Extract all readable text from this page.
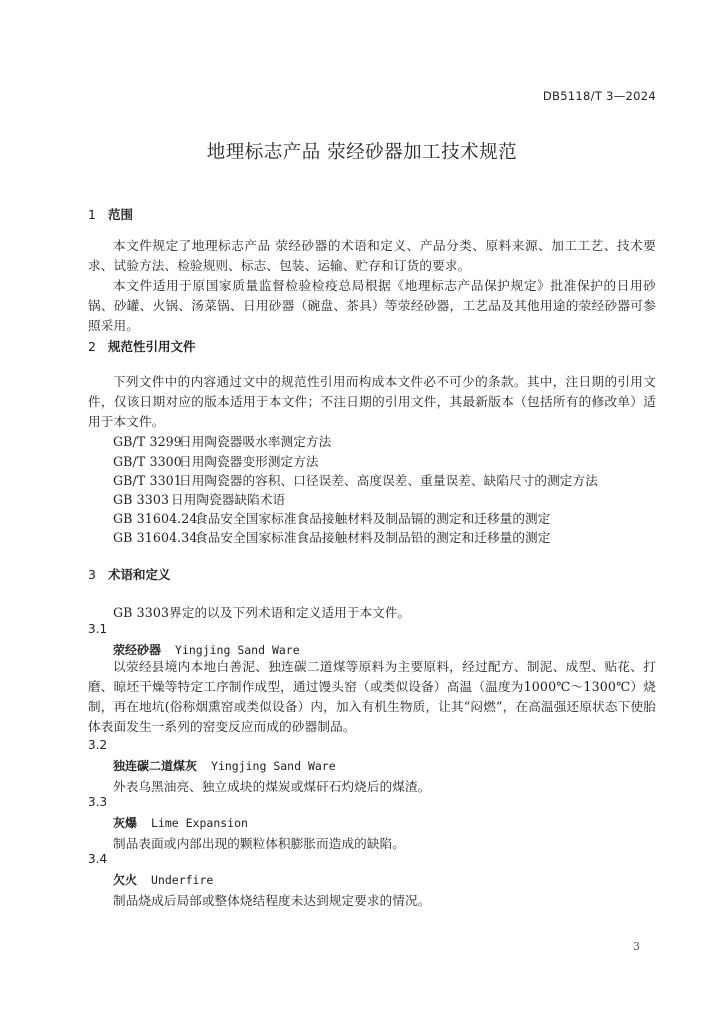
DB5118/T 3—2024
地理标志产品 荥经砂器加工技术规范
1 范围
本文件规定了地理标志产品 荥经砂器的术语和定义、产品分类、原料来源、加工工艺、技术要求、试验方法、检验规则、标志、包装、运输、贮存和订货的要求。
本文件适用于原国家质量监督检验检疫总局根据《地理标志产品保护规定》批准保护的日用砂锅、砂罐、火锅、汤菜锅、日用砂器（碗盘、茶具）等荥经砂器，工艺品及其他用途的荥经砂器可参照采用。
2 规范性引用文件
下列文件中的内容通过文中的规范性引用而构成本文件必不可少的条款。其中，注日期的引用文件，仅该日期对应的版本适用于本文件；不注日期的引用文件，其最新版本（包括所有的修改单）适用于本文件。
GB/T 3299日用陶瓷器吸水率测定方法
GB/T 3300日用陶瓷器变形测定方法
GB/T 3301日用陶瓷器的容积、口径误差、高度误差、重量误差、缺陷尺寸的测定方法
GB 3303 日用陶瓷器缺陷术语
GB 31604.24食品安全国家标准食品接触材料及制品镉的测定和迁移量的测定
GB 31604.34食品安全国家标准食品接触材料及制品铅的测定和迁移量的测定
3 术语和定义
GB 3303界定的以及下列术语和定义适用于本文件。
3.1
荥经砂器 Yingjing Sand Ware
以荥经县境内本地白善泥、独连碳二道煤等原料为主要原料，经过配方、制泥、成型、贴花、打磨、晾坯干燥等特定工序制作成型，通过馒头窑（或类似设备）高温（温度为1000℃～1300℃）烧制，再在地坑(俗称烟熏窑或类似设备）内，加入有机生物质，让其“闷燃”，在高温强还原状态下使胎体表面发生一系列的窑变反应而成的砂器制品。
3.2
独连碳二道煤灰 Yingjing Sand Ware
外表乌黑油亮、独立成块的煤炭或煤矸石灼烧后的煤渣。
3.3
灰爆 Lime Expansion
制品表面或内部出现的颗粒体积膨胀而造成的缺陷。
3.4
欠火 Underfire
制品烧成后局部或整体烧结程度未达到规定要求的情况。
3
